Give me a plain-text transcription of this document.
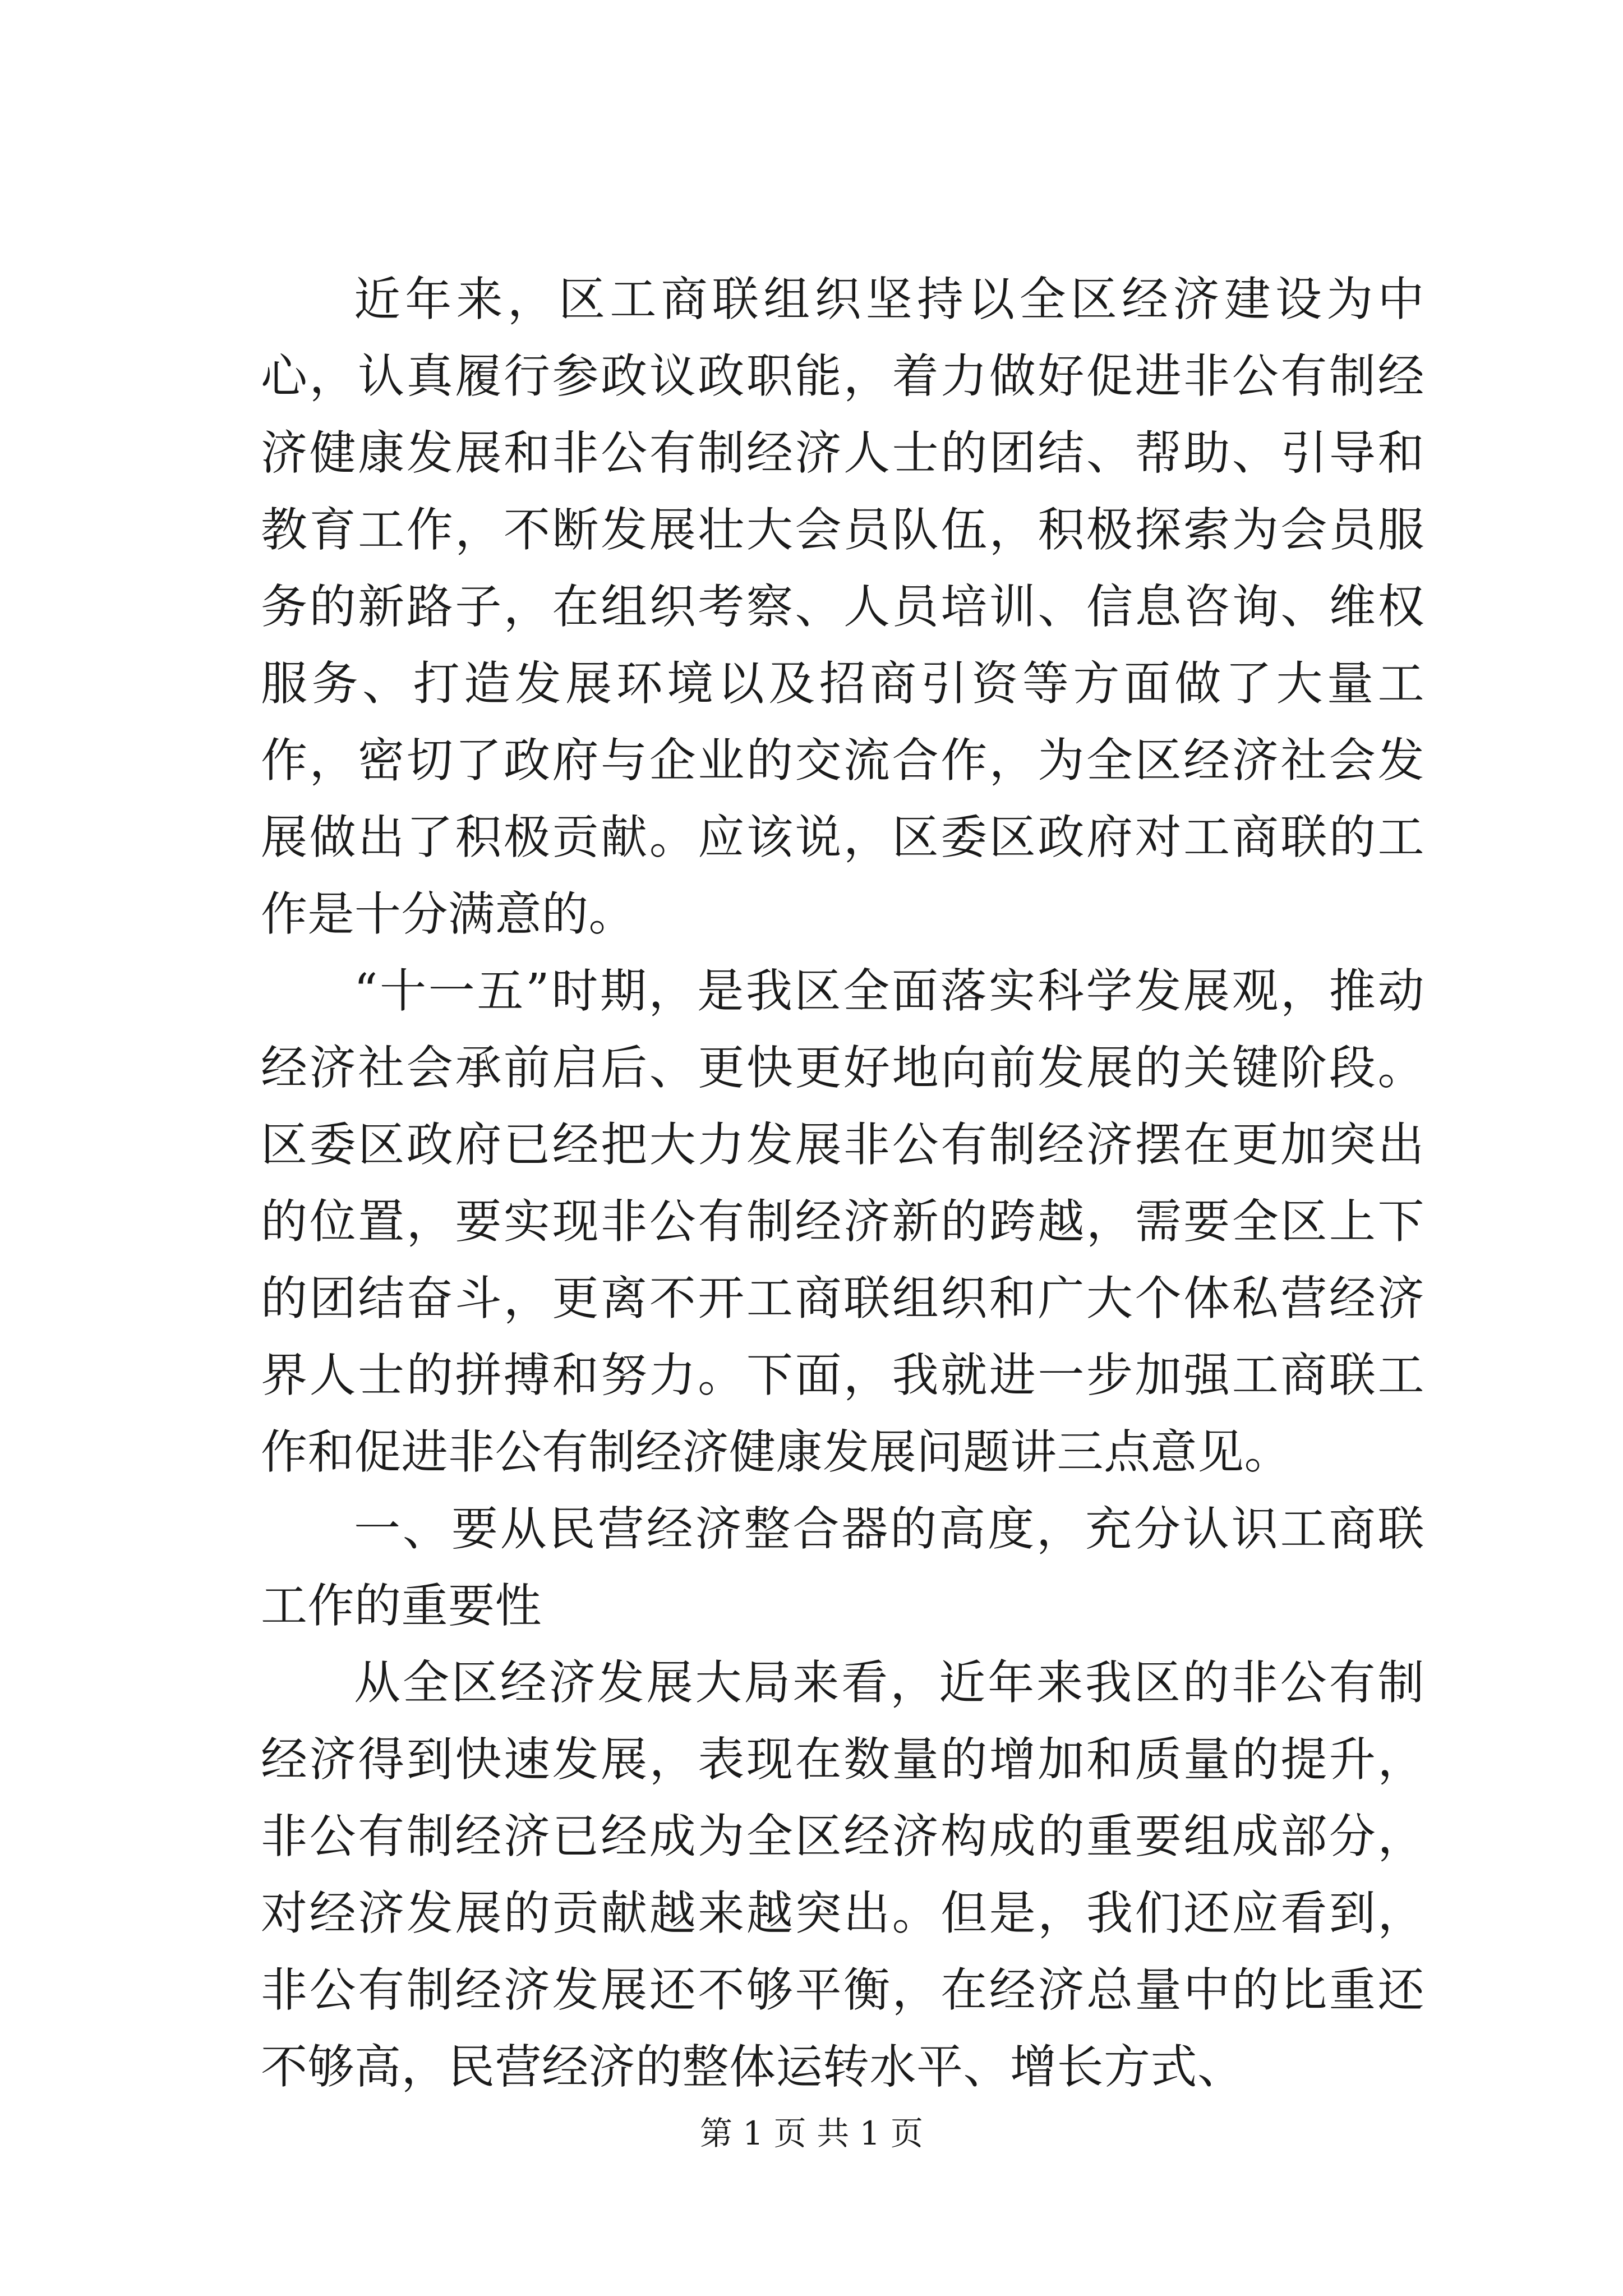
近年来，区工商联组织坚持以全区经济建设为中心，认真履行参政议政职能，着力做好促进非公有制经济健康发展和非公有制经济人士的团结、帮助、引导和教育工作，不断发展壮大会员队伍，积极探索为会员服务的新路子，在组织考察、人员培训、信息咨询、维权服务、打造发展环境以及招商引资等方面做了大量工作，密切了政府与企业的交流合作，为全区经济社会发展做出了积极贡献。应该说，区委区政府对工商联的工作是十分满意的。

“十一五”时期，是我区全面落实科学发展观，推动经济社会承前启后、更快更好地向前发展的关键阶段。区委区政府已经把大力发展非公有制经济摆在更加突出的位置，要实现非公有制经济新的跨越，需要全区上下的团结奋斗，更离不开工商联组织和广大个体私营经济界人士的拼搏和努力。下面，我就进一步加强工商联工作和促进非公有制经济健康发展问题讲三点意见。

一、要从民营经济整合器的高度，充分认识工商联工作的重要性

从全区经济发展大局来看，近年来我区的非公有制经济得到快速发展，表现在数量的增加和质量的提升，非公有制经济已经成为全区经济构成的重要组成部分，对经济发展的贡献越来越突出。但是，我们还应看到，非公有制经济发展还不够平衡，在经济总量中的比重还不够高，民营经济的整体运转水平、增长方式、

第 1 页 共 1 页
